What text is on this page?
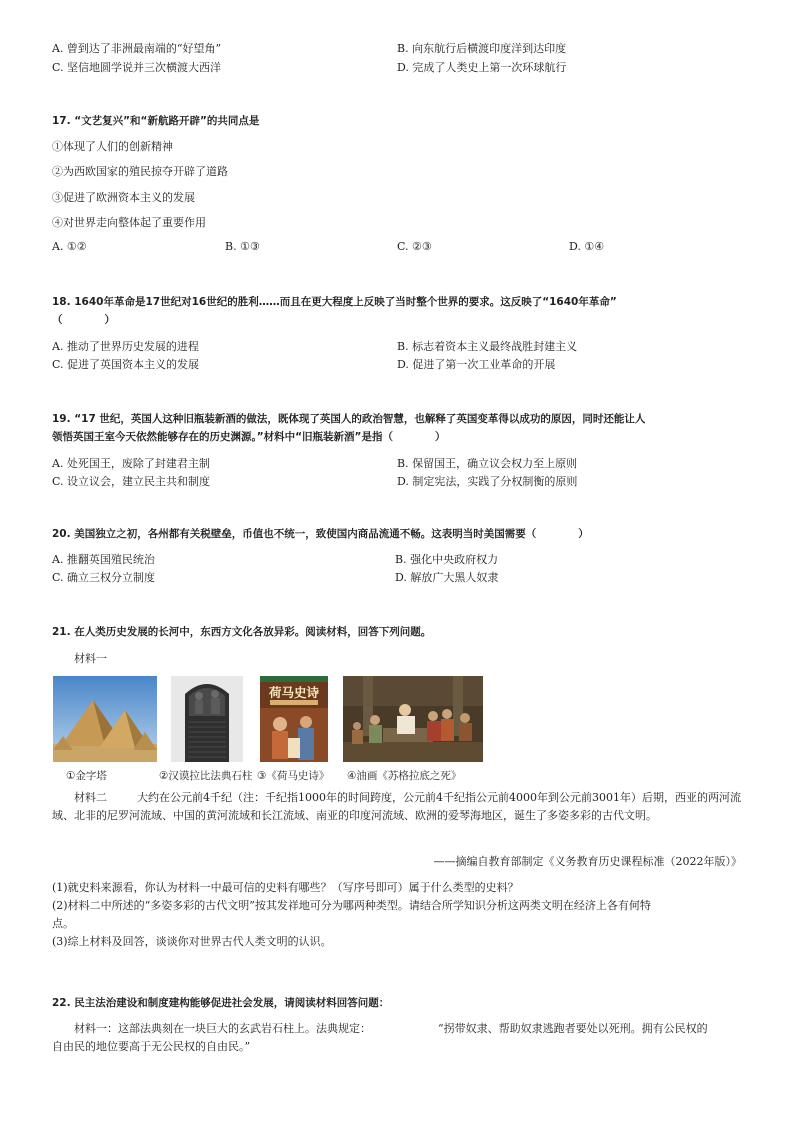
A. 曾到达了非洲最南端的“好望角”	B. 向东航行后横渡印度洋到达印度
C. 坚信地圆学说并三次横渡大西洋	D. 完成了人类史上第一次环球航行
17. “文艺复兴”和“新航路开辟”的共同点是
①体现了人们的创新精神
②为西欧国家的殖民掠夺开辟了道路
③促进了欧洲资本主义的发展
④对世界走向整体起了重要作用
A. ①②	B. ①③	C. ②③	D. ①④
18. 1640年革命是17世纪对16世纪的胜利……而且在更大程度上反映了当时整个世界的要求。这反映了“1640年革命”
（　　　　）
A. 推动了世界历史发展的进程	B. 标志着资本主义最终战胜封建主义
C. 促进了英国资本主义的发展	D. 促进了第一次工业革命的开展
19. “17 世纪，英国人这种旧瓶装新酒的做法，既体现了英国人的政治智慧，也解释了英国变革得以成功的原因，同时还能让人
领悟英国王室今天依然能够存在的历史渊源。”材料中“旧瓶装新酒”是指（　　　　）
A. 处死国王，废除了封建君主制	B. 保留国王，确立议会权力至上原则
C. 设立议会，建立民主共和制度	D. 制定宪法，实践了分权制衡的原则
20. 美国独立之初，各州都有关税壁垒，币值也不统一，致使国内商品流通不畅。这表明当时美国需要（　　　　）
A. 推翻英国殖民统治	B. 强化中央政府权力
C. 确立三权分立制度	D. 解放广大黑人奴隶
21. 在人类历史发展的长河中，东西方文化各放异彩。阅读材料，回答下列问题。
材料一
荷马史诗
①金字塔	②汉谟拉比法典石柱 ③《荷马史诗》 ④油画《苏格拉底之死》
材料二	大约在公元前4千纪（注：千纪指1000年的时间跨度，公元前4千纪指公元前4000年到公元前3001年）后期，西亚的两河流域、北非的尼罗河流域、中国的黄河流域和长江流域、南亚的印度河流域、欧洲的爱琴海地区，诞生了多姿多彩的古代文明。
——摘编自教育部制定《义务教育历史课程标准（2022年版）》
(1)就史料来源看，你认为材料一中最可信的史料有哪些？（写序号即可）属于什么类型的史料？
(2)材料二中所述的“多姿多彩的古代文明”按其发祥地可分为哪两种类型。请结合所学知识分析这两类文明在经济上各有何特
点。
(3)综上材料及回答，谈谈你对世界古代人类文明的认识。
22. 民主法治建设和制度建构能够促进社会发展，请阅读材料回答问题：
材料一：这部法典刻在一块巨大的玄武岩石柱上。法典规定：	“拐带奴隶、帮助奴隶逃跑者要处以死刑。拥有公民权的
自由民的地位要高于无公民权的自由民。”
